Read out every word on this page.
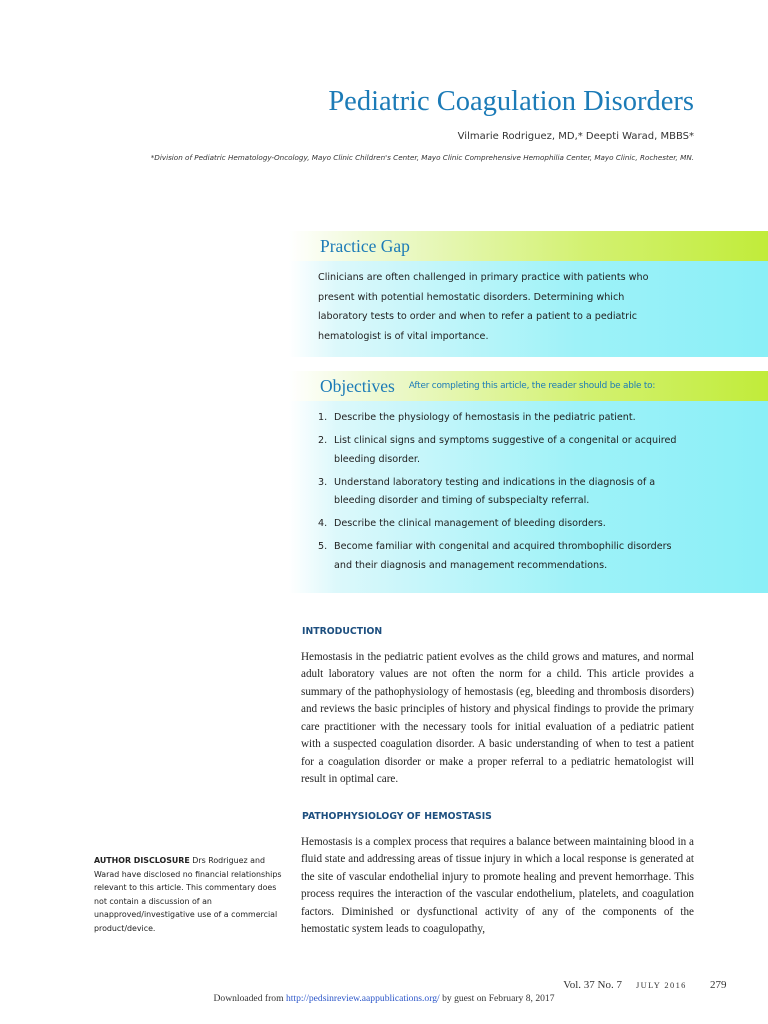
Pediatric Coagulation Disorders
Vilmarie Rodriguez, MD,* Deepti Warad, MBBS*
*Division of Pediatric Hematology-Oncology, Mayo Clinic Children's Center, Mayo Clinic Comprehensive Hemophilia Center, Mayo Clinic, Rochester, MN.
Practice Gap

Clinicians are often challenged in primary practice with patients who
present with potential hemostatic disorders. Determining which
laboratory tests to order and when to refer a patient to a pediatric
hematologist is of vital importance.

Objectives After completing this article, the reader should be able to:
1. Describe the physiology of hemostasis in the pediatric patient.
2. List clinical signs and symptoms suggestive of a congenital or acquired
bleeding disorder.
3. Understand laboratory testing and indications in the diagnosis of a
bleeding disorder and timing of subspecialty referral.
4. Describe the clinical management of bleeding disorders.
5. Become familiar with congenital and acquired thrombophilic disorders
and their diagnosis and management recommendations.
INTRODUCTION

Hemostasis in the pediatric patient evolves as the child grows and matures, and normal adult laboratory values are not often the norm for a child. This article provides a summary of the pathophysiology of hemostasis (eg, bleeding and thrombosis disorders) and reviews the basic principles of history and physical findings to provide the primary care practitioner with the necessary tools for initial evaluation of a pediatric patient with a suspected coagulation disorder. A basic understanding of when to test a patient for a coagulation disorder or make a proper referral to a pediatric hematologist will result in optimal care.

PATHOPHYSIOLOGY OF HEMOSTASIS

Hemostasis is a complex process that requires a balance between maintaining blood in a fluid state and addressing areas of tissue injury in which a local response is generated at the site of vascular endothelial injury to promote healing and prevent hemorrhage. This process requires the interaction of the vascular endothelium, platelets, and coagulation factors. Diminished or dysfunctional activity of any of the components of the hemostatic system leads to coagulopathy,

AUTHOR DISCLOSURE Drs Rodriguez and Warad have disclosed no financial relationships relevant to this article. This commentary does not contain a discussion of an unapproved/investigative use of a commercial product/device.

Vol. 37 No. 7 JULY 2016 279
Downloaded from http://pedsinreview.aappublications.org/ by guest on February 8, 2017
